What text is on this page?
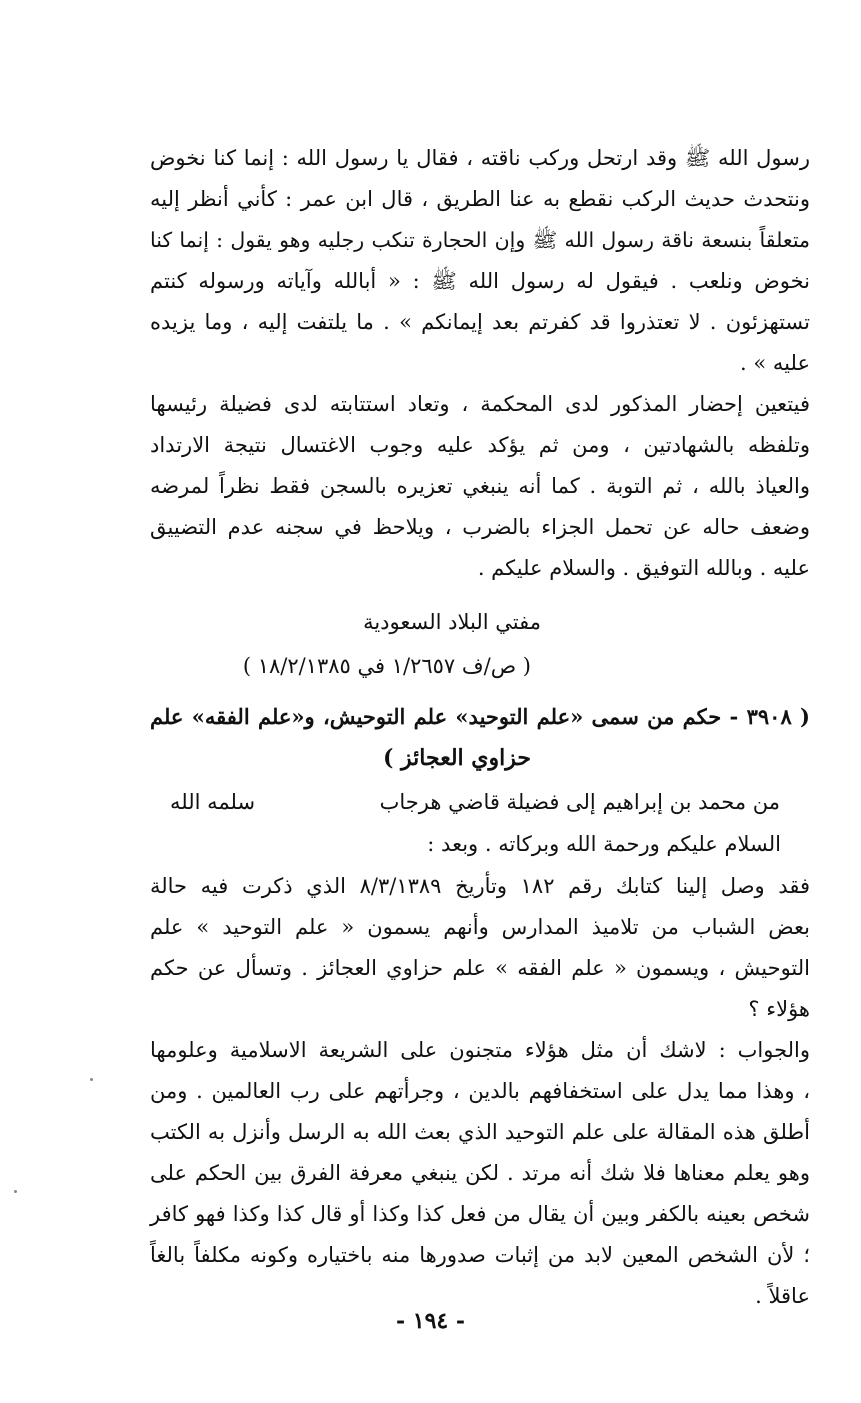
رسول الله ﷺ وقد ارتحل وركب ناقته ، فقال يا رسول الله : إنما كنا نخوض
ونتحدث حديث الركب نقطع به عنا الطريق ، قال ابن عمر : كأني أنظر إليه
متعلقاً بنسعة ناقة رسول الله ﷺ وإن الحجارة تنكب رجليه وهو يقول : إنما كنا
نخوض ونلعب . فيقول له رسول الله ﷺ : « أبالله وآياته ورسوله كنتم
تستهزئون . لا تعتذروا قد كفرتم بعد إيمانكم » . ما يلتفت إليه ، وما يزيده
عليه » .
فيتعين إحضار المذكور لدى المحكمة ، وتعاد استتابته لدى فضيلة رئيسها
وتلفظه بالشهادتين ، ومن ثم يؤكد عليه وجوب الاغتسال نتيجة الارتداد
والعياذ بالله ، ثم التوبة . كما أنه ينبغي تعزيره بالسجن فقط نظراً لمرضه
وضعف حاله عن تحمل الجزاء بالضرب ، ويلاحظ في سجنه عدم التضييق
عليه . وبالله التوفيق . والسلام عليكم .
مفتي البلاد السعودية
( ص/ف ١/٢٦٥٧ في ١٨/٢/١٣٨٥ )
( ٣٩٠٨ - حكم من سمى «علم التوحيد» علم التوحيش، و«علم الفقه» علم
حزاوي العجائز )
من محمد بن إبراهيم إلى فضيلة قاضي هرجاب
سلمه الله
السلام عليكم ورحمة الله وبركاته . وبعد :
فقد وصل إلينا كتابك رقم ١٨٢ وتأريخ ٨/٣/١٣٨٩ الذي ذكرت فيه حالة
بعض الشباب من تلاميذ المدارس وأنهم يسمون « علم التوحيد » علم
التوحيش ، ويسمون « علم الفقه » علم حزاوي العجائز . وتسأل عن حكم
هؤلاء ؟
والجواب : لاشك أن مثل هؤلاء متجنون على الشريعة الاسلامية وعلومها
، وهذا مما يدل على استخفافهم بالدين ، وجرأتهم على رب العالمين . ومن
أطلق هذه المقالة على علم التوحيد الذي بعث الله به الرسل وأنزل به الكتب
وهو يعلم معناها فلا شك أنه مرتد . لكن ينبغي معرفة الفرق بين الحكم على
شخص بعينه بالكفر وبين أن يقال من فعل كذا وكذا أو قال كذا وكذا فهو كافر
؛ لأن الشخص المعين لابد من إثبات صدورها منه باختياره وكونه مكلفاً بالغاً
عاقلاً .
- ١٩٤ -
